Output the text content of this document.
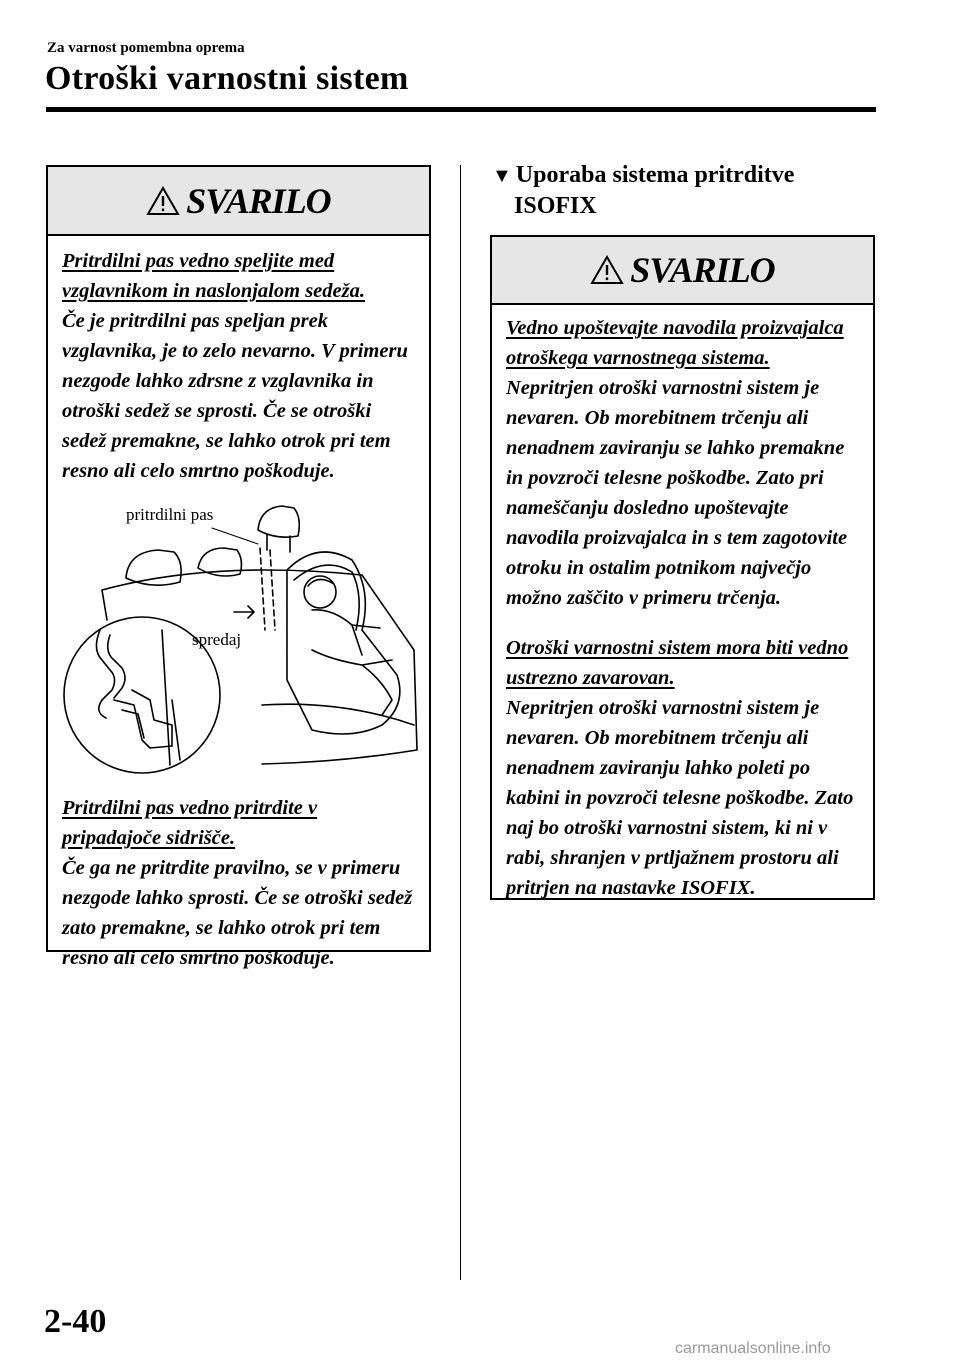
Za varnost pomembna oprema
Otroški varnostni sistem
SVARILO

Pritrdilni pas vedno speljite med vzglavnikom in naslonjalom sedeža.

Če je pritrdilni pas speljan prek vzglavnika, je to zelo nevarno. V primeru nezgode lahko zdrsne z vzglavnika in otroški sedež se sprosti. Če se otroški sedež premakne, se lahko otrok pri tem resno ali celo smrtno poškoduje.

pritrdilni pas
spredaj

Pritrdilni pas vedno pritrdite v pripadajoče sidrišče.

Če ga ne pritrdite pravilno, se v primeru nezgode lahko sprosti. Če se otroški sedež zato premakne, se lahko otrok pri tem resno ali celo smrtno poškoduje.

▼ Uporaba sistema pritrditve
ISOFIX
SVARILO

Vedno upoštevajte navodila proizvajalca otroškega varnostnega sistema.

Nepritrjen otroški varnostni sistem je nevaren. Ob morebitnem trčenju ali nenadnem zaviranju se lahko premakne in povzroči telesne poškodbe. Zato pri nameščanju dosledno upoštevajte navodila proizvajalca in s tem zagotovite otroku in ostalim potnikom največjo možno zaščito v primeru trčenja.

Otroški varnostni sistem mora biti vedno ustrezno zavarovan.

Nepritrjen otroški varnostni sistem je nevaren. Ob morebitnem trčenju ali nenadnem zaviranju lahko poleti po kabini in povzroči telesne poškodbe. Zato naj bo otroški varnostni sistem, ki ni v rabi, shranjen v prtljažnem prostoru ali pritrjen na nastavke ISOFIX.

2-40
carmanualsonline.info
